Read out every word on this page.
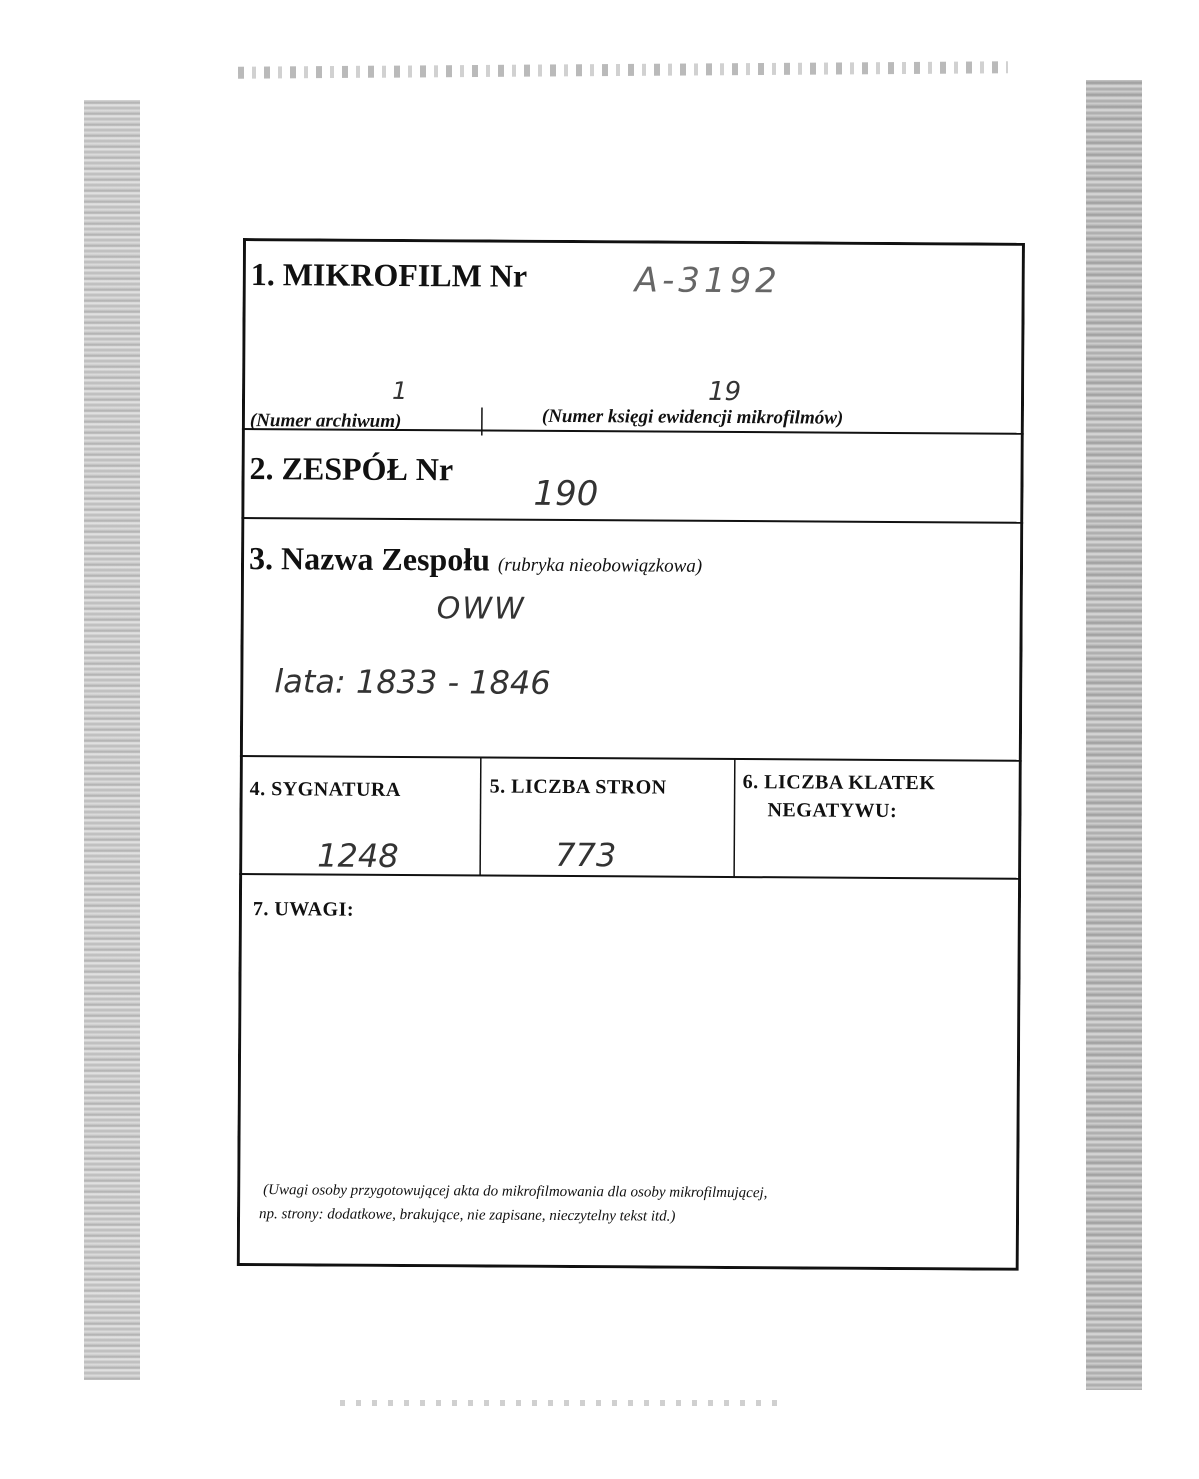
1. MIKROFILM Nr	A-3192
1	19
(Numer archiwum)	(Numer księgi ewidencji mikrofilmów)
2. ZESPÓŁ Nr
190
3. Nazwa Zespołu (rubryka nieobowiązkowa)
OWW
lata: 1833 - 1846
4. SYGNATURA
1248
5. LICZBA STRON
773
6. LICZBA KLATEK
NEGATYWU:
7. UWAGI:
(Uwagi osoby przygotowującej akta do mikrofilmowania dla osoby mikrofilmującej,
np. strony: dodatkowe, brakujące, nie zapisane, nieczytelny tekst itd.)
